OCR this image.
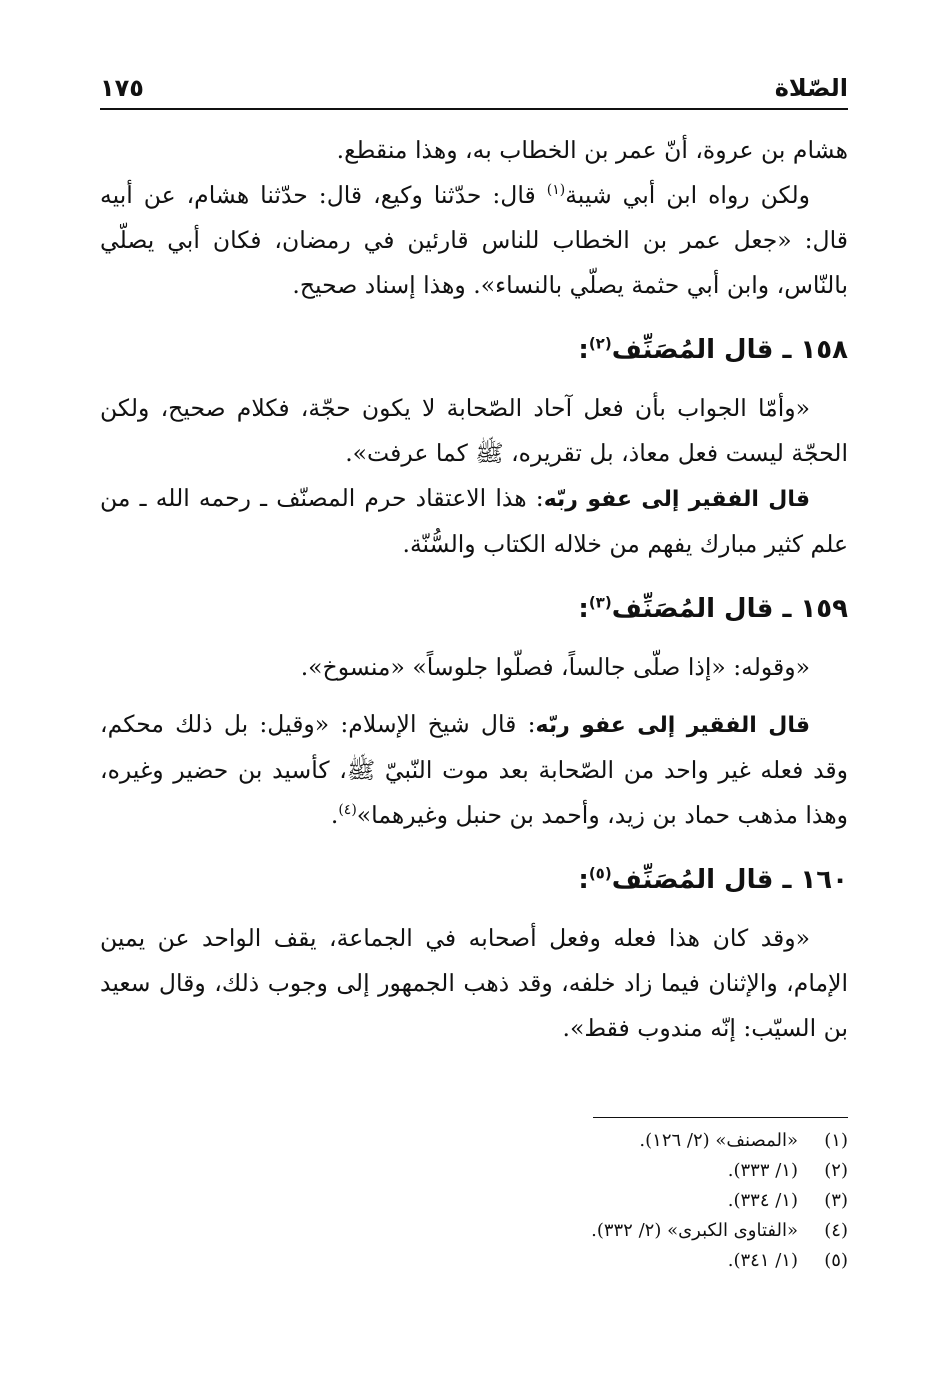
الصّلاة
١٧٥

هشام بن عروة، أنّ عمر بن الخطاب به، وهذا منقطع.

ولكن رواه ابن أبي شيبة$^{(١)}$ قال: حدّثنا وكيع، قال: حدّثنا هشام، عن أبيه قال: «جعل عمر بن الخطاب للناس قارئين في رمضان، فكان أبي يصلّي بالنّاس، وابن أبي حثمة يصلّي بالنساء». وهذا إسناد صحيح.

١٥٨ ـ قال المُصَنِّف$^{(٢)}$:

«وأمّا الجواب بأن فعل آحاد الصّحابة لا يكون حجّة، فكلام صحيح، ولكن الحجّة ليست فعل معاذ، بل تقريره، ﷺ كما عرفت».

قال الفقير إلى عفو ربّه: هذا الاعتقاد حرم المصنّف ـ رحمه الله ـ من علم كثير مبارك يفهم من خلاله الكتاب والسُّنّة.

١٥٩ ـ قال المُصَنِّف$^{(٣)}$:

«وقوله: «إذا صلّى جالساً، فصلّوا جلوساً» «منسوخ».

قال الفقير إلى عفو ربّه: قال شيخ الإسلام: «وقيل: بل ذلك محكم، وقد فعله غير واحد من الصّحابة بعد موت النّبيّ ﷺ، كأسيد بن حضير وغيره، وهذا مذهب حماد بن زيد، وأحمد بن حنبل وغيرهما»$^{(٤)}$.

١٦٠ ـ قال المُصَنِّف$^{(٥)}$:

«وقد كان هذا فعله وفعل أصحابه في الجماعة، يقف الواحد عن يمين الإمام، والإثنان فيما زاد خلفه، وقد ذهب الجمهور إلى وجوب ذلك، وقال سعيد بن السيّب: إنّه مندوب فقط».

(١)
«المصنف» (٢/ ١٢٦).
(٢)
(١/ ٣٣٣).
(٣)
(١/ ٣٣٤).
(٤)
«الفتاوى الكبرى» (٢/ ٣٣٢).
(٥)
(١/ ٣٤١).
